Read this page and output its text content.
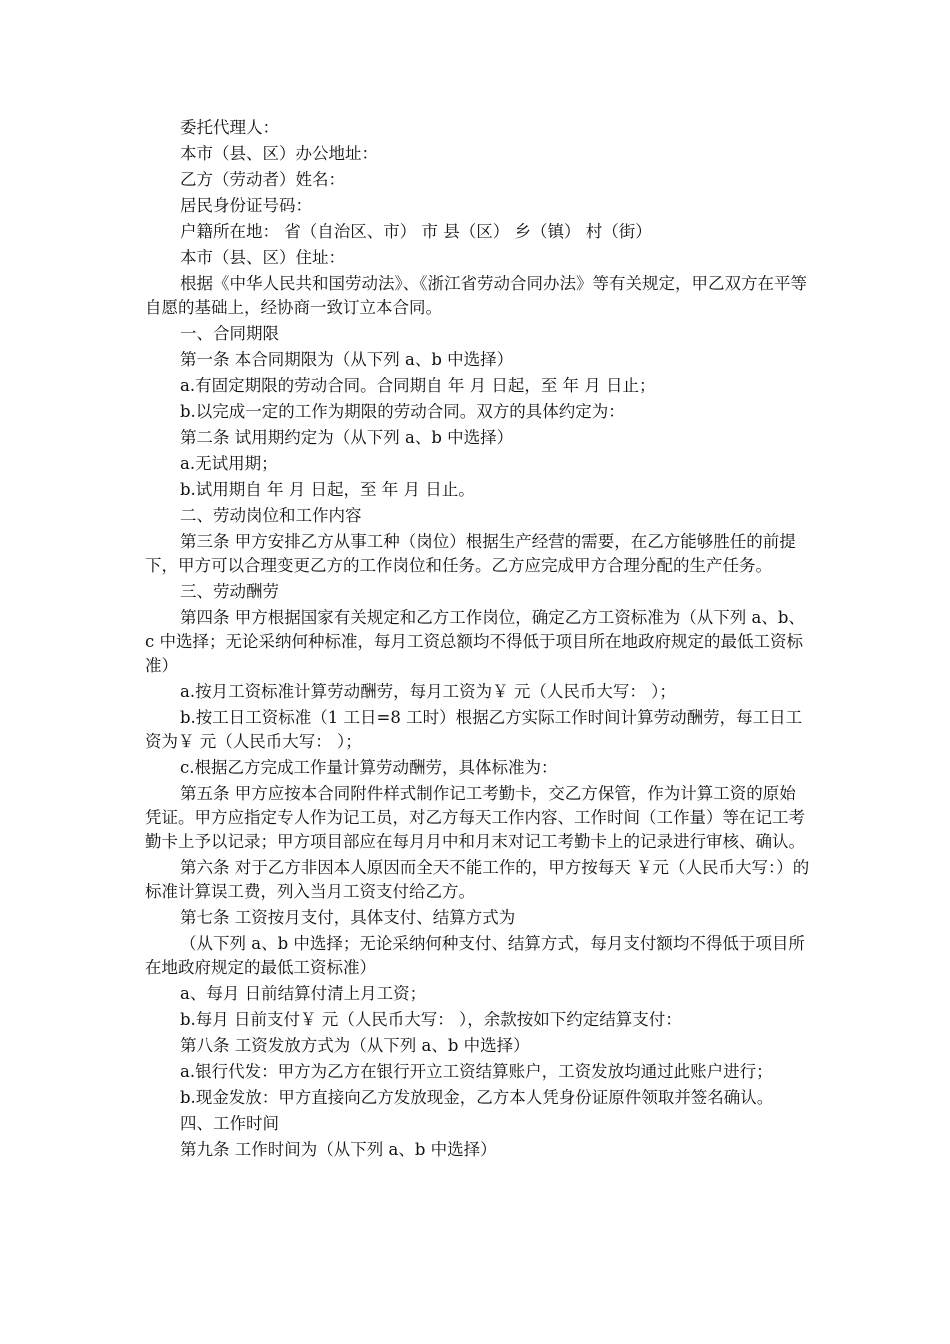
委托代理人：

本市（县、区）办公地址：

乙方（劳动者）姓名：

居民身份证号码：

户籍所在地： 省（自治区、市） 市 县（区） 乡（镇） 村（街）

本市（县、区）住址：

根据《中华人民共和国劳动法》、《浙江省劳动合同办法》等有关规定，甲乙双方在平等自愿的基础上，经协商一致订立本合同。

一、合同期限

第一条 本合同期限为（从下列 a、b 中选择）

a.有固定期限的劳动合同。合同期自 年 月 日起，至 年 月 日止；

b.以完成一定的工作为期限的劳动合同。双方的具体约定为：

第二条 试用期约定为（从下列 a、b 中选择）

a.无试用期；

b.试用期自 年 月 日起，至 年 月 日止。

二、劳动岗位和工作内容

第三条 甲方安排乙方从事工种（岗位）根据生产经营的需要，在乙方能够胜任的前提下，甲方可以合理变更乙方的工作岗位和任务。乙方应完成甲方合理分配的生产任务。

三、劳动酬劳

第四条 甲方根据国家有关规定和乙方工作岗位，确定乙方工资标准为（从下列 a、b、c 中选择；无论采纳何种标准，每月工资总额均不得低于项目所在地政府规定的最低工资标准）

a.按月工资标准计算劳动酬劳，每月工资为￥ 元（人民币大写： ）；

b.按工日工资标准（1 工日=8 工时）根据乙方实际工作时间计算劳动酬劳，每工日工资为￥ 元（人民币大写： ）；

c.根据乙方完成工作量计算劳动酬劳，具体标准为：

第五条 甲方应按本合同附件样式制作记工考勤卡，交乙方保管，作为计算工资的原始凭证。甲方应指定专人作为记工员，对乙方每天工作内容、工作时间（工作量）等在记工考勤卡上予以记录；甲方项目部应在每月月中和月末对记工考勤卡上的记录进行审核、确认。

第六条 对于乙方非因本人原因而全天不能工作的，甲方按每天 ￥元（人民币大写：）的标准计算误工费，列入当月工资支付给乙方。

第七条 工资按月支付，具体支付、结算方式为

（从下列 a、b 中选择；无论采纳何种支付、结算方式，每月支付额均不得低于项目所在地政府规定的最低工资标准）

a、每月 日前结算付清上月工资；

b.每月 日前支付￥ 元（人民币大写： ），余款按如下约定结算支付：

第八条 工资发放方式为（从下列 a、b 中选择）

a.银行代发：甲方为乙方在银行开立工资结算账户，工资发放均通过此账户进行；

b.现金发放：甲方直接向乙方发放现金，乙方本人凭身份证原件领取并签名确认。

四、工作时间

第九条 工作时间为（从下列 a、b 中选择）
